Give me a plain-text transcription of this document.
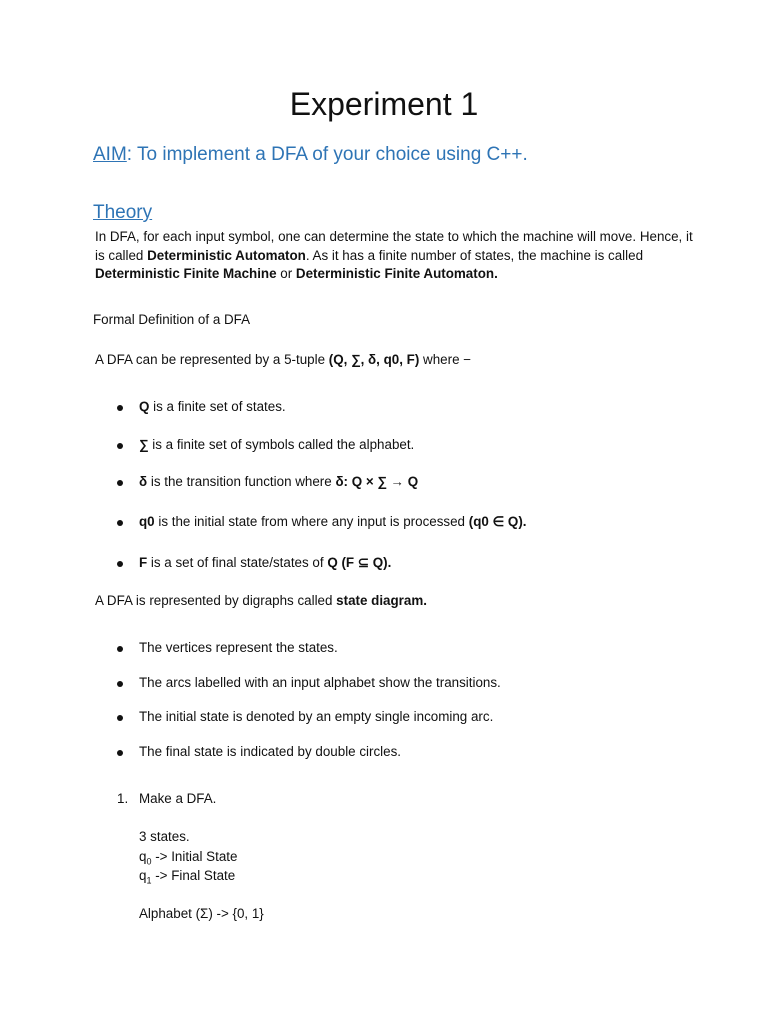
Experiment 1
AIM: To implement a DFA of your choice using C++.
Theory
In DFA, for each input symbol, one can determine the state to which the machine will move. Hence, it is called Deterministic Automaton. As it has a finite number of states, the machine is called Deterministic Finite Machine or Deterministic Finite Automaton.
Formal Definition of a DFA
A DFA can be represented by a 5-tuple (Q, ∑, δ, q0, F) where −
Q is a finite set of states.
∑ is a finite set of symbols called the alphabet.
δ is the transition function where δ: Q × ∑ → Q
q0 is the initial state from where any input is processed (q0 ∈ Q).
F is a set of final state/states of Q (F ⊆ Q).
A DFA is represented by digraphs called state diagram.
The vertices represent the states.
The arcs labelled with an input alphabet show the transitions.
The initial state is denoted by an empty single incoming arc.
The final state is indicated by double circles.
1. Make a DFA.
3 states.
$q_0$ -> Initial State
$q_1$ -> Final State
Alphabet (Σ) -> {0, 1}
